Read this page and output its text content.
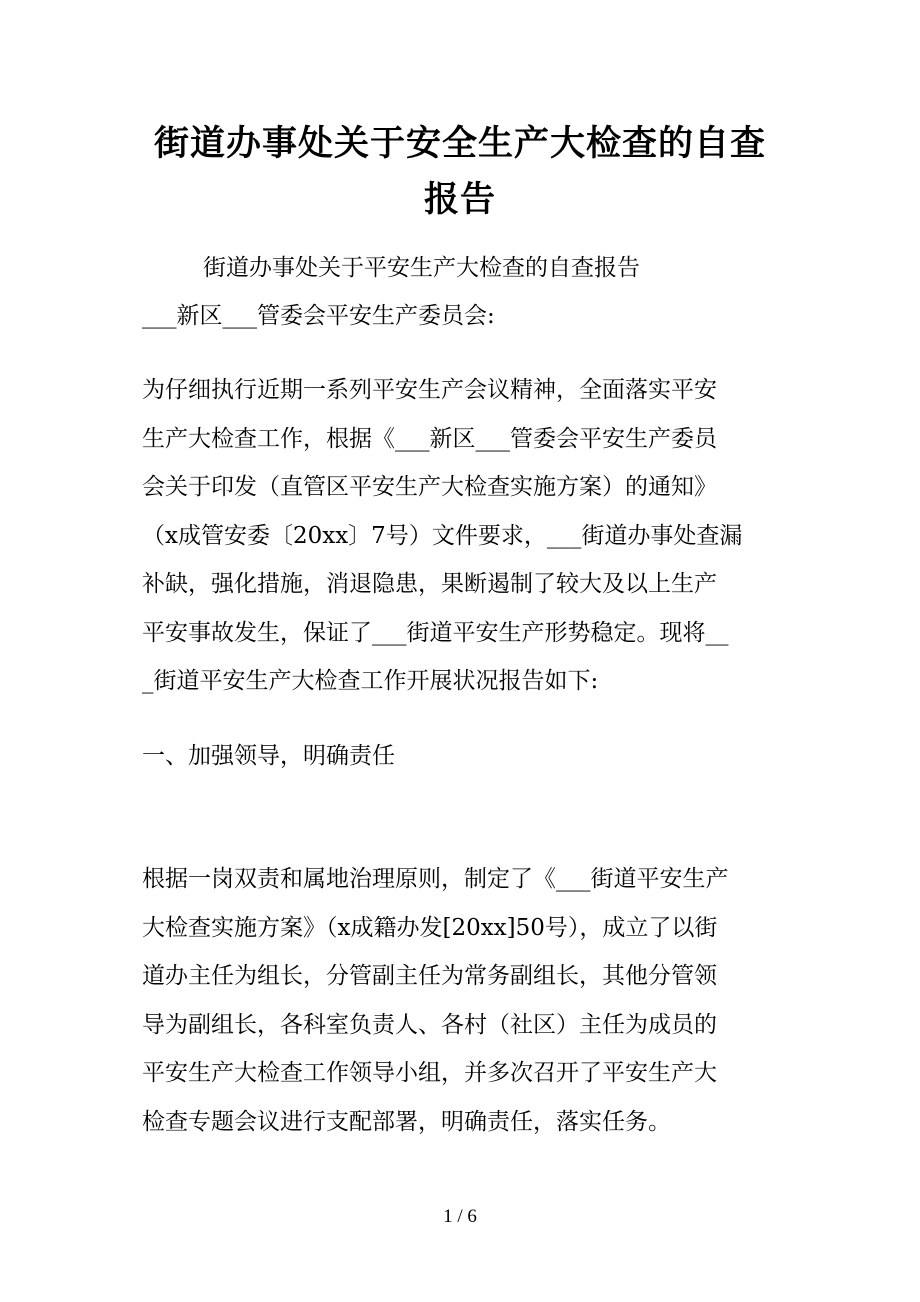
街道办事处关于安全生产大检查的自查报告

街道办事处关于平安生产大检查的自查报告

___新区___管委会平安生产委员会:

为仔细执行近期一系列平安生产会议精神，全面落实平安
生产大检查工作，根据《___新区___管委会平安生产委员
会关于印发（直管区平安生产大检查实施方案）的通知》
（x成管安委〔20xx〕7号）文件要求，___街道办事处查漏
补缺，强化措施，消退隐患，果断遏制了较大及以上生产
平安事故发生，保证了___街道平安生产形势稳定。现将__
_街道平安生产大检查工作开展状况报告如下:

一、加强领导，明确责任

根据一岗双责和属地治理原则，制定了《___街道平安生产
大检查实施方案》（x成籍办发[20xx]50号），成立了以街
道办主任为组长，分管副主任为常务副组长，其他分管领
导为副组长，各科室负责人、各村（社区）主任为成员的
平安生产大检查工作领导小组，并多次召开了平安生产大
检查专题会议进行支配部署，明确责任，落实任务。
1 / 6
